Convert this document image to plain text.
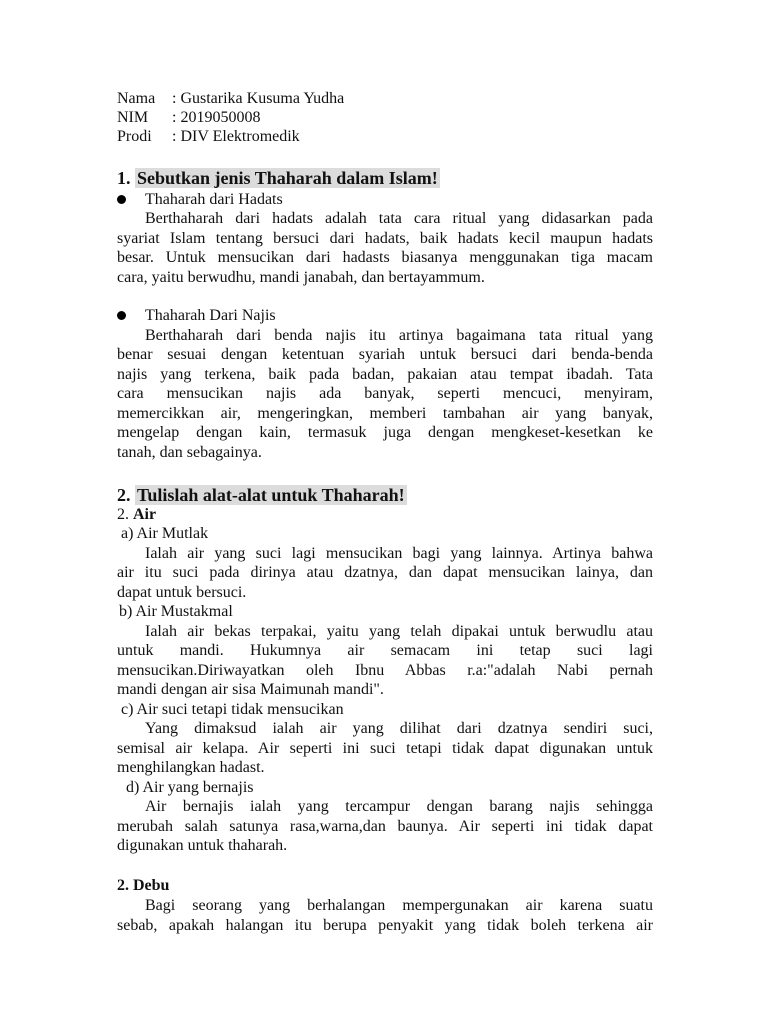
Nama : Gustarika Kusuma Yudha
NIM : 2019050008
Prodi : DIV Elektromedik
1. Sebutkan jenis Thaharah dalam Islam!
Thaharah dari Hadats
Berthaharah dari hadats adalah tata cara ritual yang didasarkan pada
syariat Islam tentang bersuci dari hadats, baik hadats kecil maupun hadats
besar. Untuk mensucikan dari hadasts biasanya menggunakan tiga macam
cara, yaitu berwudhu, mandi janabah, dan bertayammum.
Thaharah Dari Najis
Berthaharah dari benda najis itu artinya bagaimana tata ritual yang
benar sesuai dengan ketentuan syariah untuk bersuci dari benda-benda
najis yang terkena, baik pada badan, pakaian atau tempat ibadah. Tata
cara mensucikan najis ada banyak, seperti mencuci, menyiram,
memercikkan air, mengeringkan, memberi tambahan air yang banyak,
mengelap dengan kain, termasuk juga dengan mengkeset-kesetkan ke
tanah, dan sebagainya.
2. Tulislah alat-alat untuk Thaharah!
2. Air
a) Air Mutlak
Ialah air yang suci lagi mensucikan bagi yang lainnya. Artinya bahwa
air itu suci pada dirinya atau dzatnya, dan dapat mensucikan lainya, dan
dapat untuk bersuci.
b) Air Mustakmal
Ialah air bekas terpakai, yaitu yang telah dipakai untuk berwudlu atau
untuk mandi. Hukumnya air semacam ini tetap suci lagi
mensucikan.Diriwayatkan oleh Ibnu Abbas r.a:"adalah Nabi pernah
mandi dengan air sisa Maimunah mandi".
c) Air suci tetapi tidak mensucikan
Yang dimaksud ialah air yang dilihat dari dzatnya sendiri suci,
semisal air kelapa. Air seperti ini suci tetapi tidak dapat digunakan untuk
menghilangkan hadast.
d) Air yang bernajis
Air bernajis ialah yang tercampur dengan barang najis sehingga
merubah salah satunya rasa,warna,dan baunya. Air seperti ini tidak dapat
digunakan untuk thaharah.
2. Debu
Bagi seorang yang berhalangan mempergunakan air karena suatu
sebab, apakah halangan itu berupa penyakit yang tidak boleh terkena air
